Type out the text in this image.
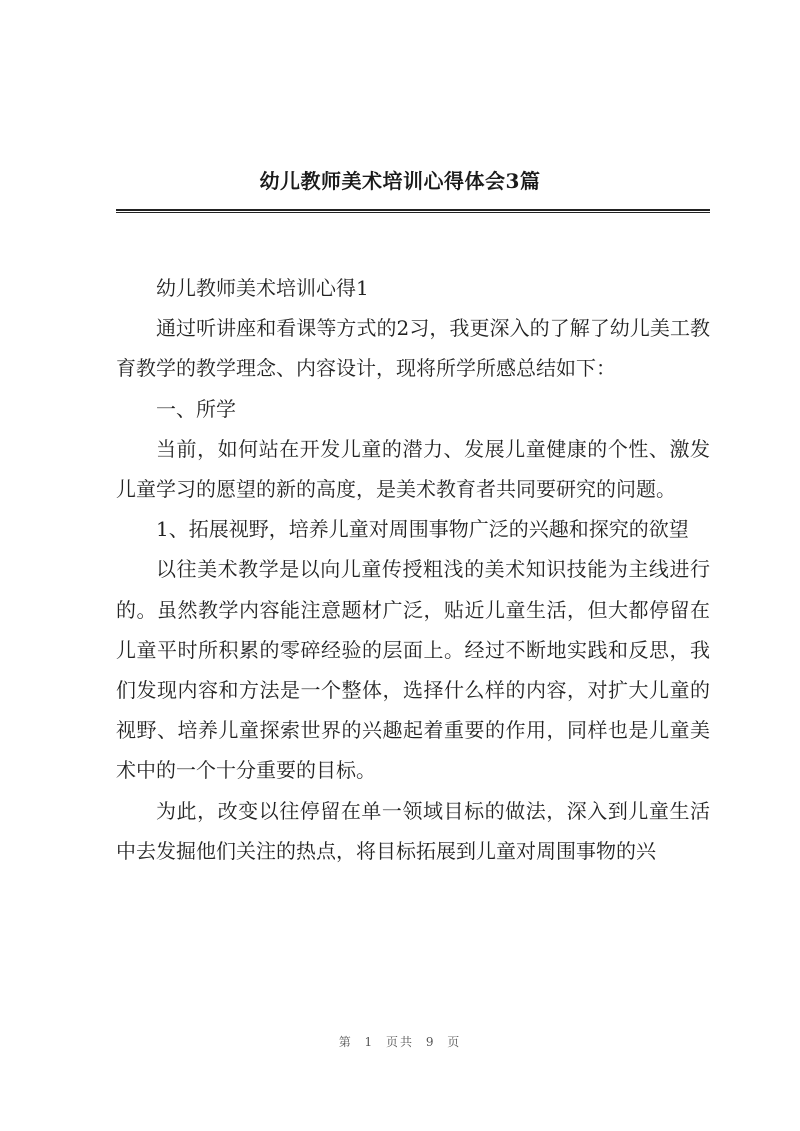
幼儿教师美术培训心得体会3篇

幼儿教师美术培训心得1

通过听讲座和看课等方式的2习，我更深入的了解了幼儿美工教育教学的教学理念、内容设计，现将所学所感总结如下：

一、所学

当前，如何站在开发儿童的潜力、发展儿童健康的个性、激发儿童学习的愿望的新的高度，是美术教育者共同要研究的问题。

1、拓展视野，培养儿童对周围事物广泛的兴趣和探究的欲望

以往美术教学是以向儿童传授粗浅的美术知识技能为主线进行的。虽然教学内容能注意题材广泛，贴近儿童生活，但大都停留在儿童平时所积累的零碎经验的层面上。经过不断地实践和反思，我们发现内容和方法是一个整体，选择什么样的内容，对扩大儿童的视野、培养儿童探索世界的兴趣起着重要的作用，同样也是儿童美术中的一个十分重要的目标。

为此，改变以往停留在单一领域目标的做法，深入到儿童生活中去发掘他们关注的热点，将目标拓展到儿童对周围事物的兴

第 1 页共 9 页
